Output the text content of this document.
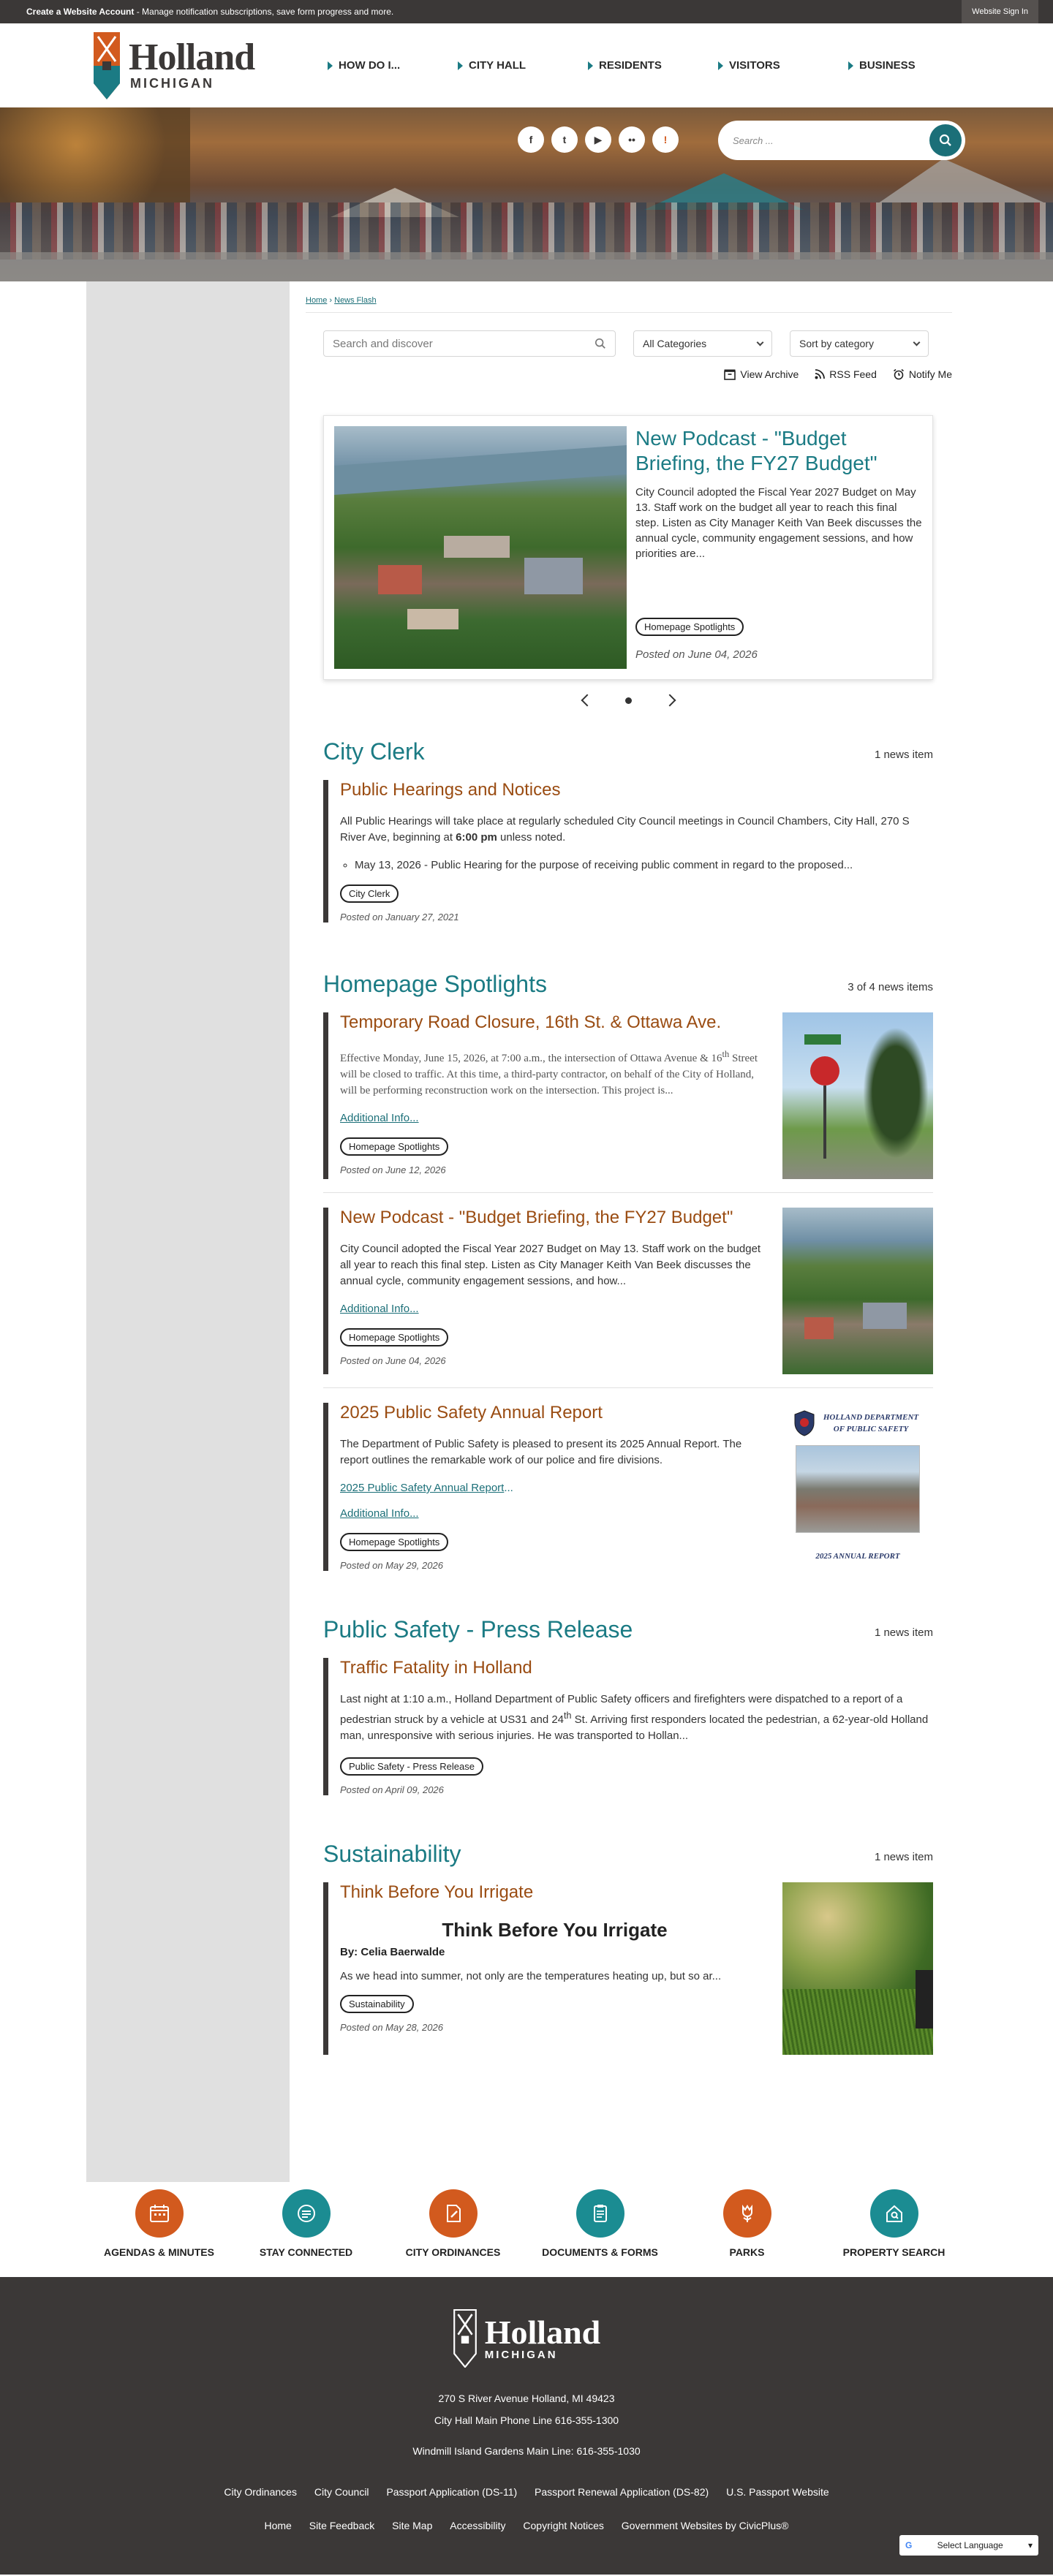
Create a Website Account - Manage notification subscriptions, save form progress and more.	Website Sign In
Holland
MICHIGAN
HOW DO I...	CITY HALL	RESIDENTS	VISITORS	BUSINESS
f	t	▶	••	!	Search ...
Home › News Flash
Search and discover	All Categories	Sort by category
View Archive	RSS Feed	Notify Me
New Podcast - "Budget Briefing, the FY27 Budget"
City Council adopted the Fiscal Year 2027 Budget on May 13. Staff work on the budget all year to reach this final step. Listen as City Manager Keith Van Beek discusses the annual cycle, community engagement sessions, and how priorities are...
Homepage Spotlights
Posted on June 04, 2026
City Clerk	1 news item
Public Hearings and Notices
All Public Hearings will take place at regularly scheduled City Council meetings in Council Chambers, City Hall, 270 S River Ave, beginning at 6:00 pm unless noted.
◦ May 13, 2026 - Public Hearing for the purpose of receiving public comment in regard to the proposed...
City Clerk
Posted on January 27, 2021
Homepage Spotlights	3 of 4 news items
Temporary Road Closure, 16th St. & Ottawa Ave.
Effective Monday, June 15, 2026, at 7:00 a.m., the intersection of Ottawa Avenue & 16th Street will be closed to traffic. At this time, a third-party contractor, on behalf of the City of Holland, will be performing reconstruction work on the intersection. This project is...
Additional Info...
Homepage Spotlights
Posted on June 12, 2026
New Podcast - "Budget Briefing, the FY27 Budget"
City Council adopted the Fiscal Year 2027 Budget on May 13. Staff work on the budget all year to reach this final step. Listen as City Manager Keith Van Beek discusses the annual cycle, community engagement sessions, and how...
Additional Info...
Homepage Spotlights
Posted on June 04, 2026
2025 Public Safety Annual Report
The Department of Public Safety is pleased to present its 2025 Annual Report. The report outlines the remarkable work of our police and fire divisions.
2025 Public Safety Annual Report...
Additional Info...
Homepage Spotlights
Posted on May 29, 2026
HOLLAND DEPARTMENT OF PUBLIC SAFETY
2025 ANNUAL REPORT
Public Safety - Press Release	1 news item
Traffic Fatality in Holland
Last night at 1:10 a.m., Holland Department of Public Safety officers and firefighters were dispatched to a report of a pedestrian struck by a vehicle at US31 and 24th St. Arriving first responders located the pedestrian, a 62-year-old Holland man, unresponsive with serious injuries. He was transported to Hollan...
Public Safety - Press Release
Posted on April 09, 2026
Sustainability	1 news item
Think Before You Irrigate
Think Before You Irrigate
By: Celia Baerwalde
As we head into summer, not only are the temperatures heating up, but so ar...
Sustainability
Posted on May 28, 2026
AGENDAS & MINUTES	STAY CONNECTED	CITY ORDINANCES	DOCUMENTS & FORMS	PARKS	PROPERTY SEARCH
Holland
MICHIGAN
270 S River Avenue Holland, MI 49423
City Hall Main Phone Line 616-355-1300
Windmill Island Gardens Main Line: 616-355-1030
City Ordinances City Council Passport Application (DS-11) Passport Renewal Application (DS-82) U.S. Passport Website
Home Site Feedback Site Map Accessibility Copyright Notices Government Websites by CivicPlus®
G	Select Language	▾
